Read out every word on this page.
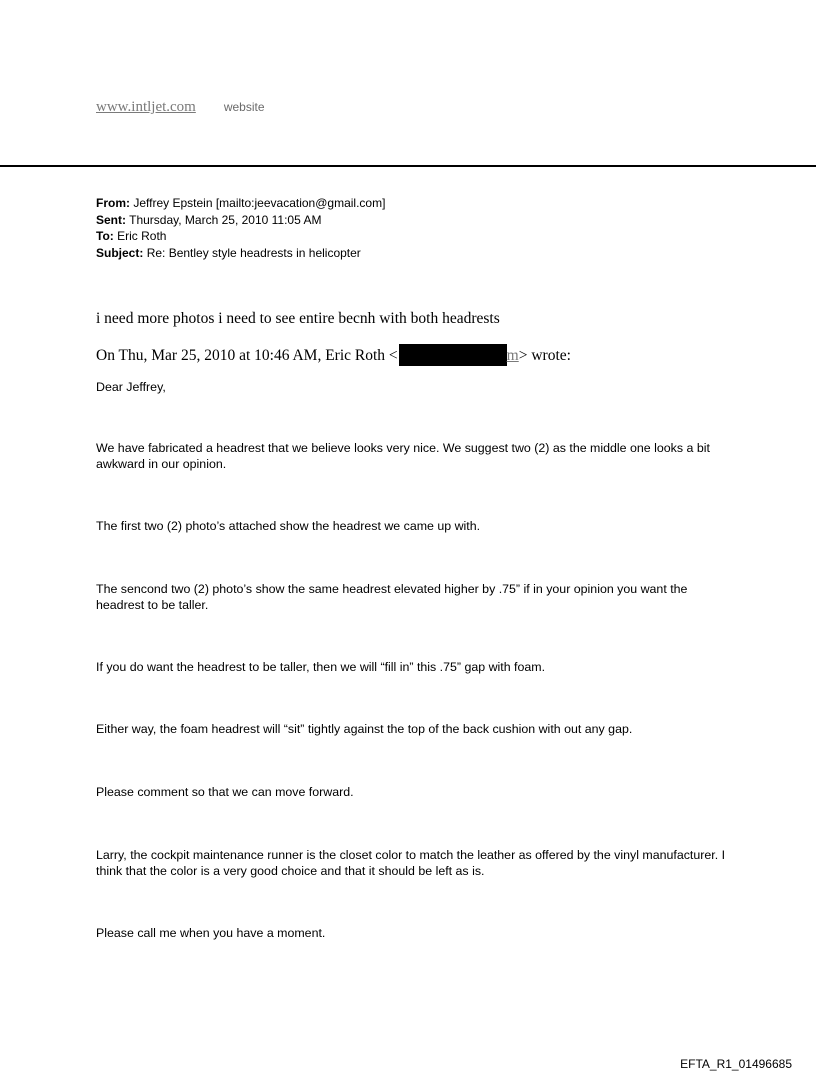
www.intljet.com website
From: Jeffrey Epstein [mailto:jeevacation@gmail.com]
Sent: Thursday, March 25, 2010 11:05 AM
To: Eric Roth
Subject: Re: Bentley style headrests in helicopter
i need more photos i need to see entire becnh with both headrests
On Thu, Mar 25, 2010 at 10:46 AM, Eric Roth <	m> wrote:
Dear Jeffrey,
We have fabricated a headrest that we believe looks very nice. We suggest two (2) as the middle one looks a bit awkward in our opinion.
The first two (2) photo’s attached show the headrest we came up with.
The sencond two (2) photo’s show the same headrest elevated higher by .75” if in your opinion you want the headrest to be taller.
If you do want the headrest to be taller, then we will “fill in” this .75” gap with foam.
Either way, the foam headrest will “sit” tightly against the top of the back cushion with out any gap.
Please comment so that we can move forward.
Larry, the cockpit maintenance runner is the closet color to match the leather as offered by the vinyl manufacturer. I think that the color is a very good choice and that it should be left as is.
Please call me when you have a moment.
EFTA_R1_01496685
